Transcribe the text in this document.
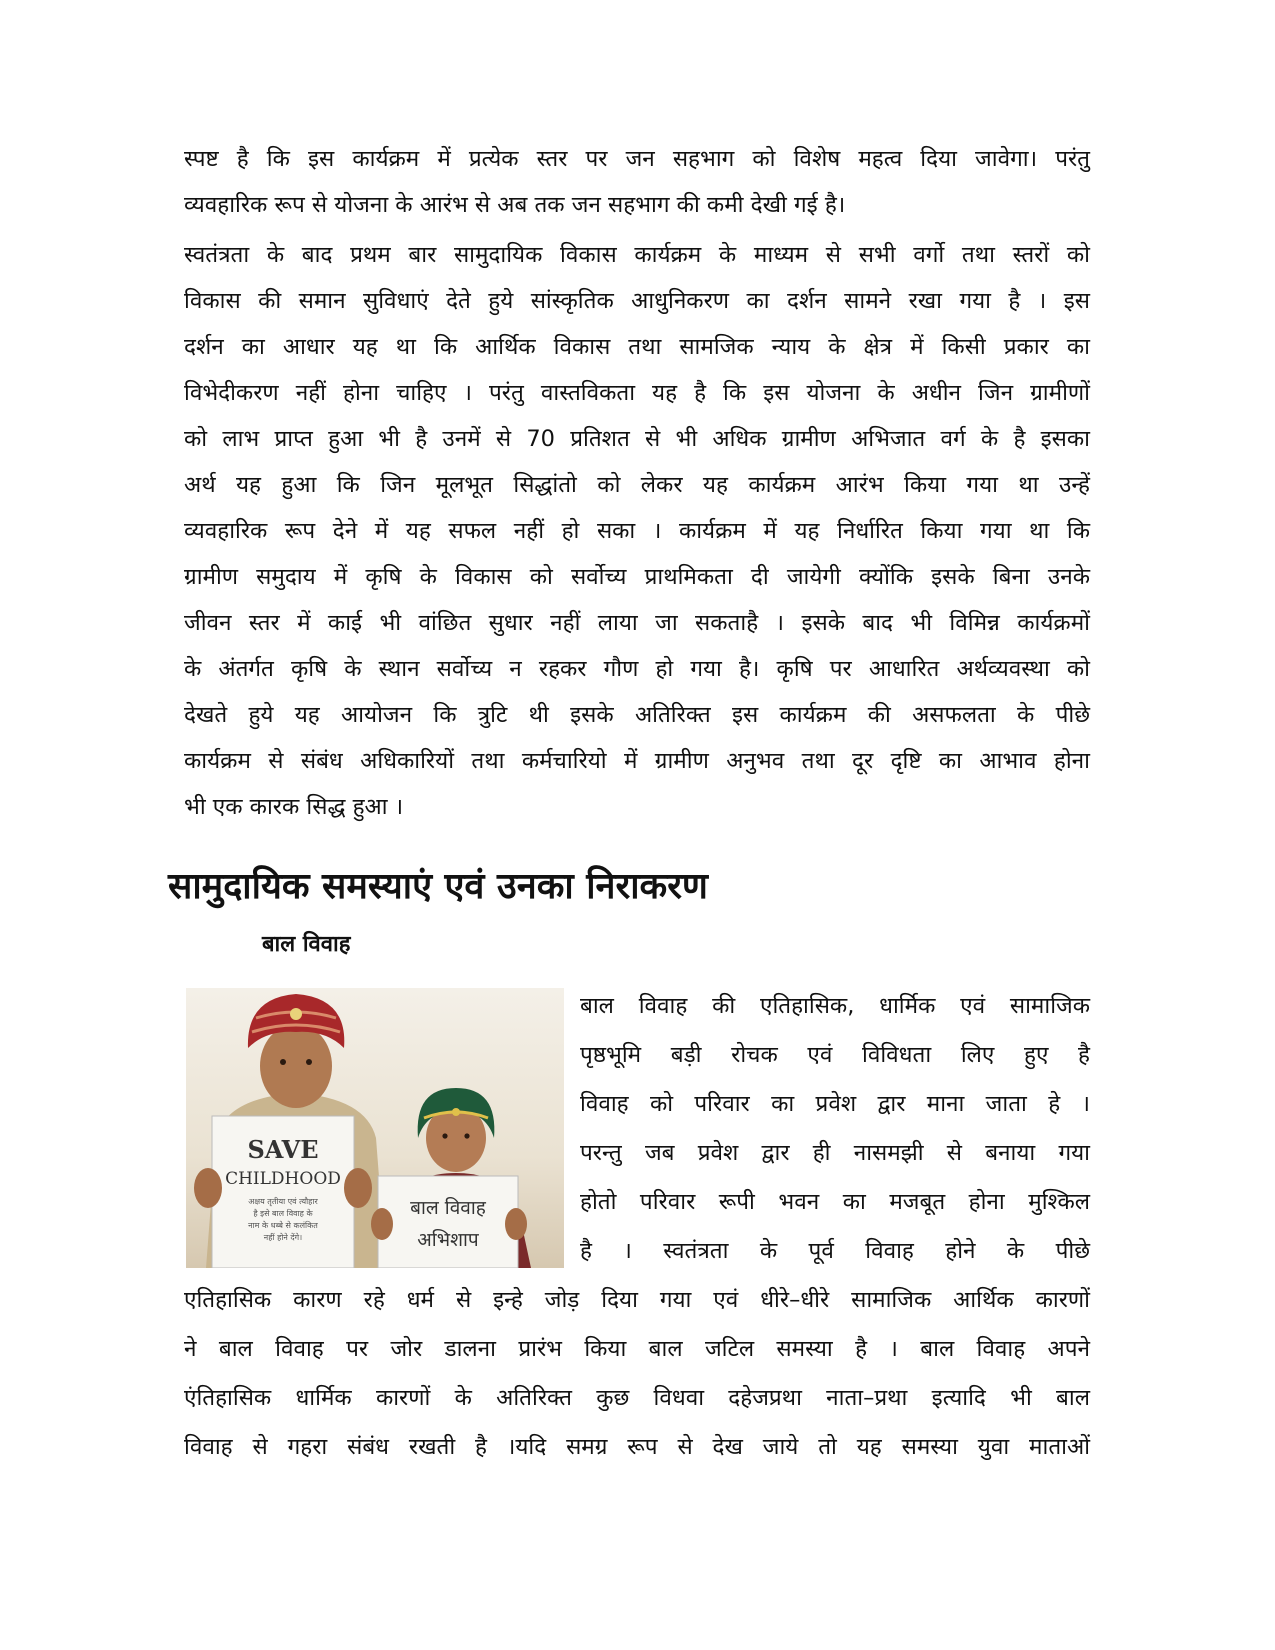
स्पष्ट है कि इस कार्यक्रम में प्रत्येक स्तर पर जन सहभाग को विशेष महत्व दिया जावेगा। परंतु
व्यवहारिक रूप से योजना के आरंभ से अब तक जन सहभाग की कमी देखी गई है।
स्वतंत्रता के बाद प्रथम बार सामुदायिक विकास कार्यक्रम के माध्यम से सभी वर्गो तथा स्तरों को
विकास की समान सुविधाएं देते हुये सांस्कृतिक आधुनिकरण का दर्शन सामने रखा गया है । इस
दर्शन का आधार यह था कि आर्थिक विकास तथा सामजिक न्याय के क्षेत्र में किसी प्रकार का
विभेदीकरण नहीं होना चाहिए । परंतु वास्तविकता यह है कि इस योजना के अधीन जिन ग्रामीणों
को लाभ प्राप्त हुआ भी है उनमें से 70 प्रतिशत से भी अधिक ग्रामीण अभिजात वर्ग के है इसका
अर्थ यह हुआ कि जिन मूलभूत सिद्धांतो को लेकर यह कार्यक्रम आरंभ किया गया था उन्हें
व्यवहारिक रूप देने में यह सफल नहीं हो सका । कार्यक्रम में यह निर्धारित किया गया था कि
ग्रामीण समुदाय में कृषि के विकास को सर्वोच्य प्राथमिकता दी जायेगी क्योंकि इसके बिना उनके
जीवन स्तर में काई भी वांछित सुधार नहीं लाया जा सकताहै । इसके बाद भी विमिन्न कार्यक्रमों
के अंतर्गत कृषि के स्थान सर्वोच्य न रहकर गौण हो गया है। कृषि पर आधारित अर्थव्यवस्था को
देखते हुये यह आयोजन कि त्रुटि थी इसके अतिरिक्त इस कार्यक्रम की असफलता के पीछे
कार्यक्रम से संबंध अधिकारियों तथा कर्मचारियो में ग्रामीण अनुभव तथा दूर दृष्टि का आभाव होना
भी एक कारक सिद्ध हुआ ।
सामुदायिक समस्याएं एवं उनका निराकरण
बाल विवाह
SAVE
CHILDHOOD
अक्षय तृतीया एवं त्यौहार
है इसे बाल विवाह के
नाम के धब्बे से कलंकित
नहीं होने देंगे।
बाल विवाह
अभिशाप
बाल विवाह की एतिहासिक, धार्मिक एवं सामाजिक
पृष्ठभूमि बड़ी रोचक एवं विविधता लिए हुए है
विवाह को परिवार का प्रवेश द्वार माना जाता हे ।
परन्तु जब प्रवेश द्वार ही नासमझी से बनाया गया
होतो परिवार रूपी भवन का मजबूत होना मुश्किल
है । स्वतंत्रता के पूर्व विवाह होने के पीछे
एतिहासिक कारण रहे धर्म से इन्हे जोड़ दिया गया एवं धीरे–धीरे सामाजिक आर्थिक कारणों
ने बाल विवाह पर जोर डालना प्रारंभ किया बाल जटिल समस्या है । बाल विवाह अपने
एंतिहासिक धार्मिक कारणों के अतिरिक्त कुछ विधवा दहेजप्रथा नाता–प्रथा इत्यादि भी बाल
विवाह से गहरा संबंध रखती है ।यदि समग्र रूप से देख जाये तो यह समस्या युवा माताओं
